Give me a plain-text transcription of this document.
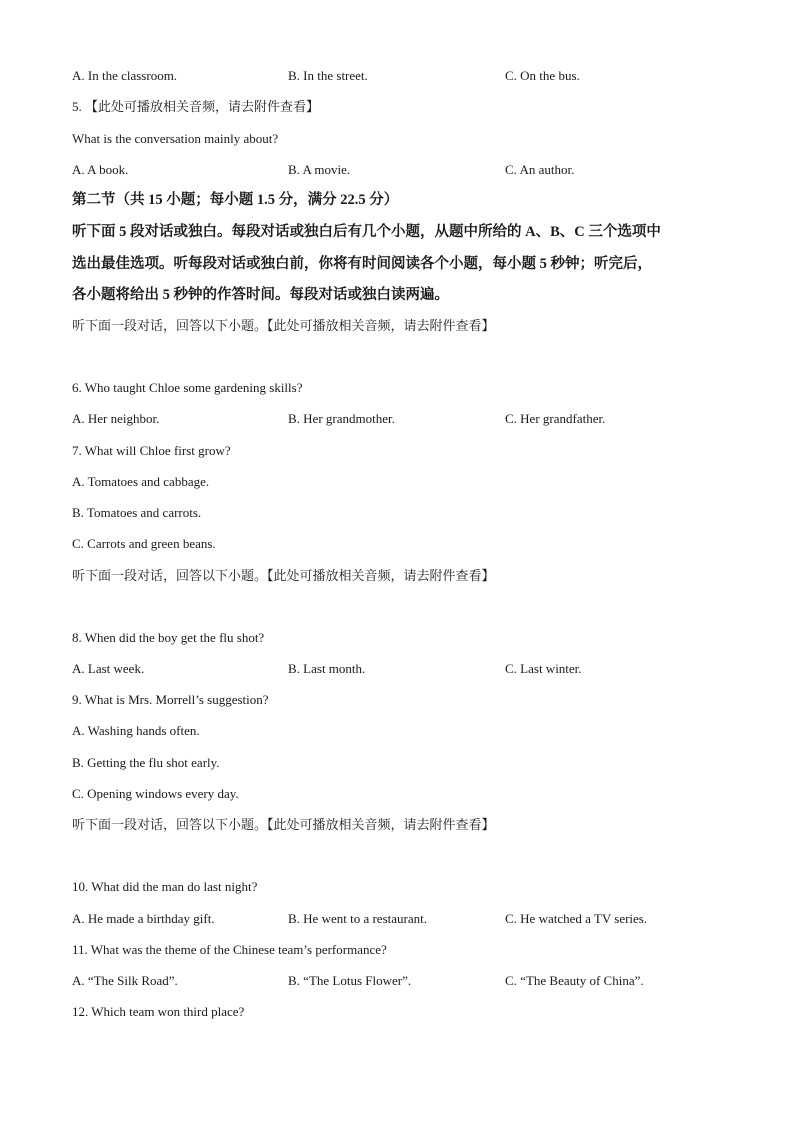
A. In the classroom.	B. In the street.	C. On the bus.
5. 【此处可播放相关音频，请去附件查看】
What is the conversation mainly about?
A. A book.	B. A movie.	C. An author.
第二节（共 15 小题；每小题 1.5 分，满分 22.5 分）
听下面 5 段对话或独白。每段对话或独白后有几个小题，从题中所给的 A、B、C 三个选项中
选出最佳选项。听每段对话或独白前，你将有时间阅读各个小题，每小题 5 秒钟；听完后，
各小题将给出 5 秒钟的作答时间。每段对话或独白读两遍。
听下面一段对话，回答以下小题。【此处可播放相关音频，请去附件查看】
6. Who taught Chloe some gardening skills?
A. Her neighbor.	B. Her grandmother.	C. Her grandfather.
7. What will Chloe first grow?
A. Tomatoes and cabbage.
B. Tomatoes and carrots.
C. Carrots and green beans.
听下面一段对话，回答以下小题。【此处可播放相关音频，请去附件查看】
8. When did the boy get the flu shot?
A. Last week.	B. Last month.	C. Last winter.
9. What is Mrs. Morrell’s suggestion?
A. Washing hands often.
B. Getting the flu shot early.
C. Opening windows every day.
听下面一段对话，回答以下小题。【此处可播放相关音频，请去附件查看】
10. What did the man do last night?
A. He made a birthday gift.	B. He went to a restaurant.	C. He watched a TV series.
11. What was the theme of the Chinese team’s performance?
A. “The Silk Road”.	B. “The Lotus Flower”.	C. “The Beauty of China”.
12. Which team won third place?
